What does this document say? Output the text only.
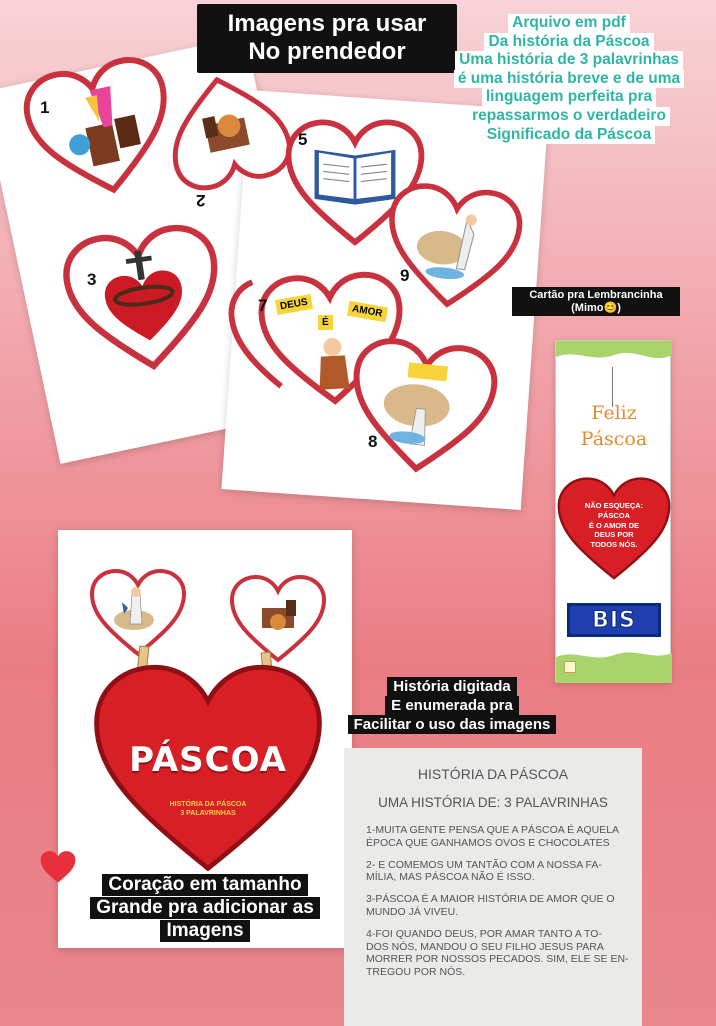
1
2
3
5
9
7	DEUS
É
AMOR
8
Imagens pra usar
No prendedor
Arquivo em pdf
Da história da Páscoa
Uma história de 3 palavrinhas
é uma história breve e de uma
linguagem perfeita pra
repassarmos o verdadeiro
Significado da Páscoa
Cartão pra Lembrancinha
(Mimo😊)
Feliz
Páscoa
NÃO ESQUEÇA:
PÁSCOA
É O AMOR DE
DEUS POR
TODOS NÓS.
BIS
PÁSCOA
HISTÓRIA DA PÁSCOA
3 PALAVRINHAS
Coração em tamanho

Grande pra adicionar as

Imagens
História digitada
E enumerada pra
Facilitar o uso das imagens

HISTÓRIA DA PÁSCOA

UMA HISTÓRIA DE: 3 PALAVRINHAS

1-MUITA GENTE PENSA QUE A PÁSCOA É AQUELA

ÉPOCA QUE GANHAMOS OVOS E CHOCOLATES

2- E COMEMOS UM TANTÃO COM A NOSSA FA-

MÍLIA, MAS PÁSCOA NÃO É ISSO.

3-PÁSCOA É A MAIOR HISTÓRIA DE AMOR QUE O

MUNDO JÁ VIVEU.

4-FOI QUANDO DEUS, POR AMAR TANTO A TO-

DOS NÓS, MANDOU O SEU FILHO JESUS PARA

MORRER POR NOSSOS PECADOS. SIM, ELE SE EN-

TREGOU POR NÓS.
